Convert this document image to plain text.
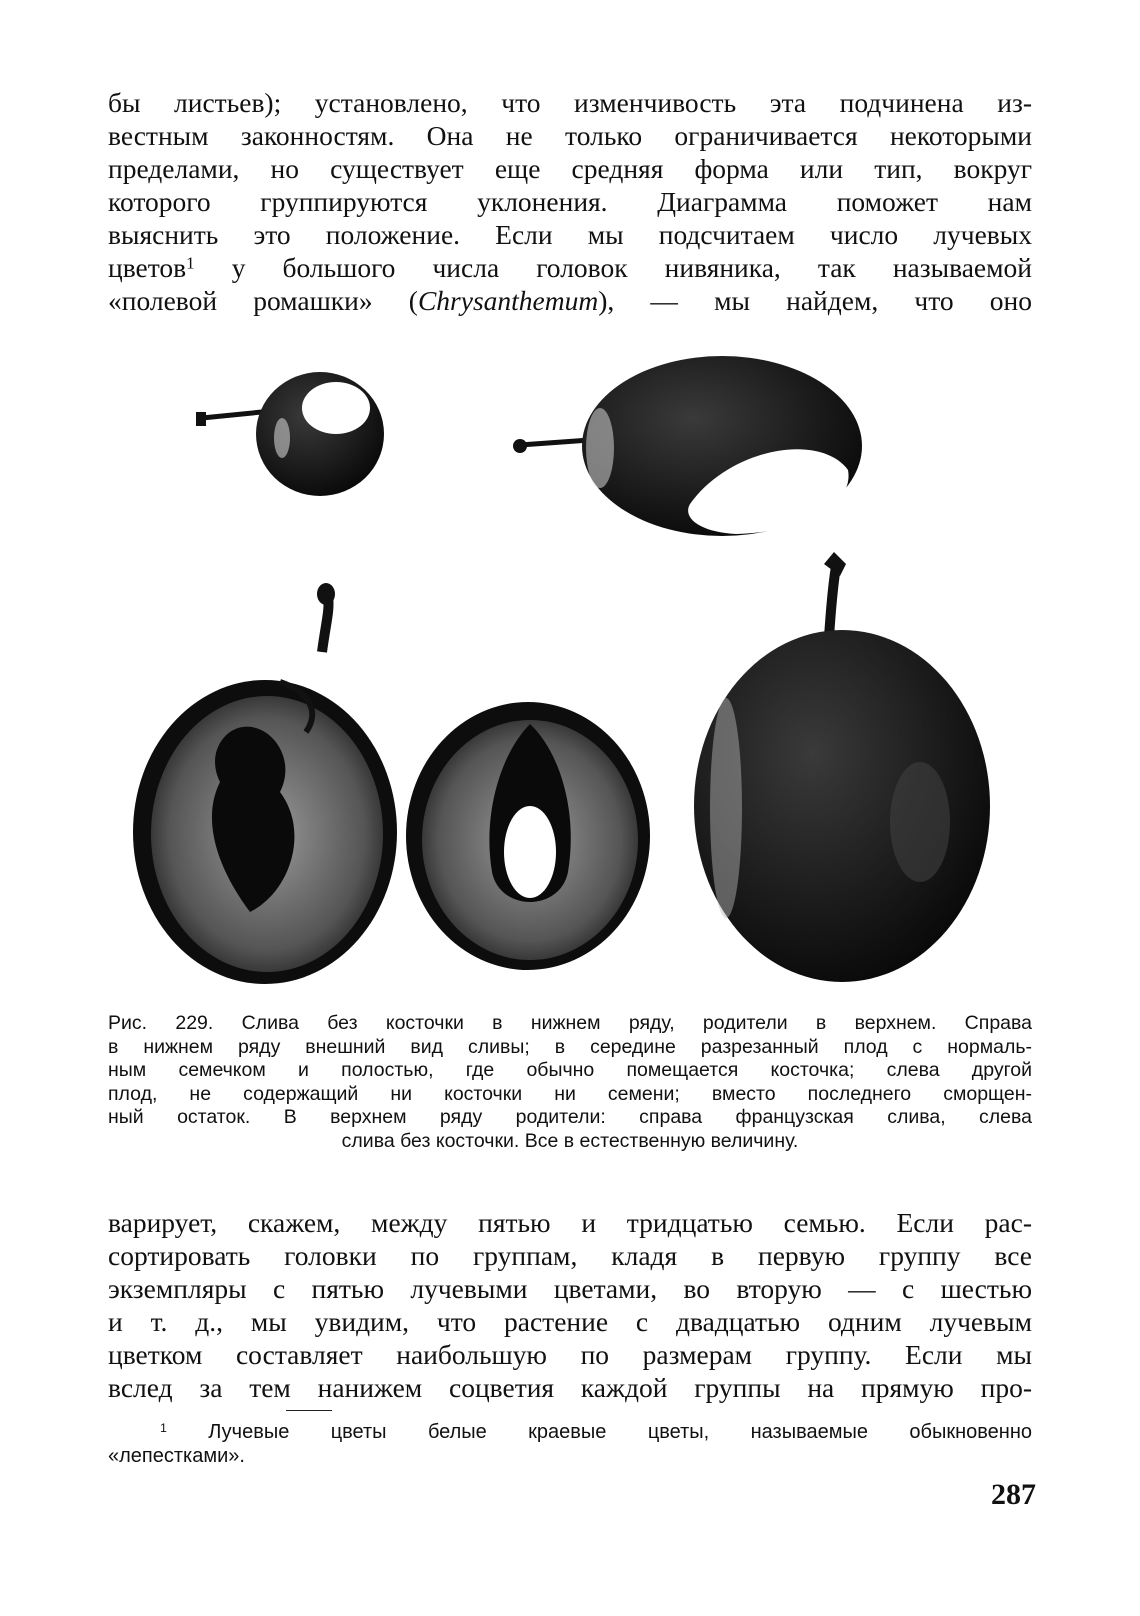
бы листьев); установлено, что изменчивость эта подчинена из-
вестным законностям. Она не только ограничивается некоторыми
пределами, но существует еще средняя форма или тип, вокруг
которого группируются уклонения. Диаграмма поможет нам
выяснить это положение. Если мы подсчитаем число лучевых
цветов$^1$ у большого числа головок нивяника, так называемой
«полевой ромашки» (Chrysanthemum), — мы найдем, что оно
Рис. 229. Слива без косточки в нижнем ряду, родители в верхнем. Справа
в нижнем ряду внешний вид сливы; в середине разрезанный плод с нормаль-
ным семечком и полостью, где обычно помещается косточка; слева другой
плод, не содержащий ни косточки ни семени; вместо последнего сморщен-
ный остаток. В верхнем ряду родители: справа французская слива, слева
слива без косточки. Все в естественную величину.
варирует, скажем, между пятью и тридцатью семью. Если рас-
сортировать головки по группам, кладя в первую группу все
экземпляры с пятью лучевыми цветами, во вторую — с шестью
и т. д., мы увидим, что растение с двадцатью одним лучевым
цветком составляет наибольшую по размерам группу. Если мы
вслед за тем нанижем соцветия каждой группы на прямую про-
$^1$ Лучевые цветы белые краевые цветы, называемые обыкновенно
«лепестками».
287
